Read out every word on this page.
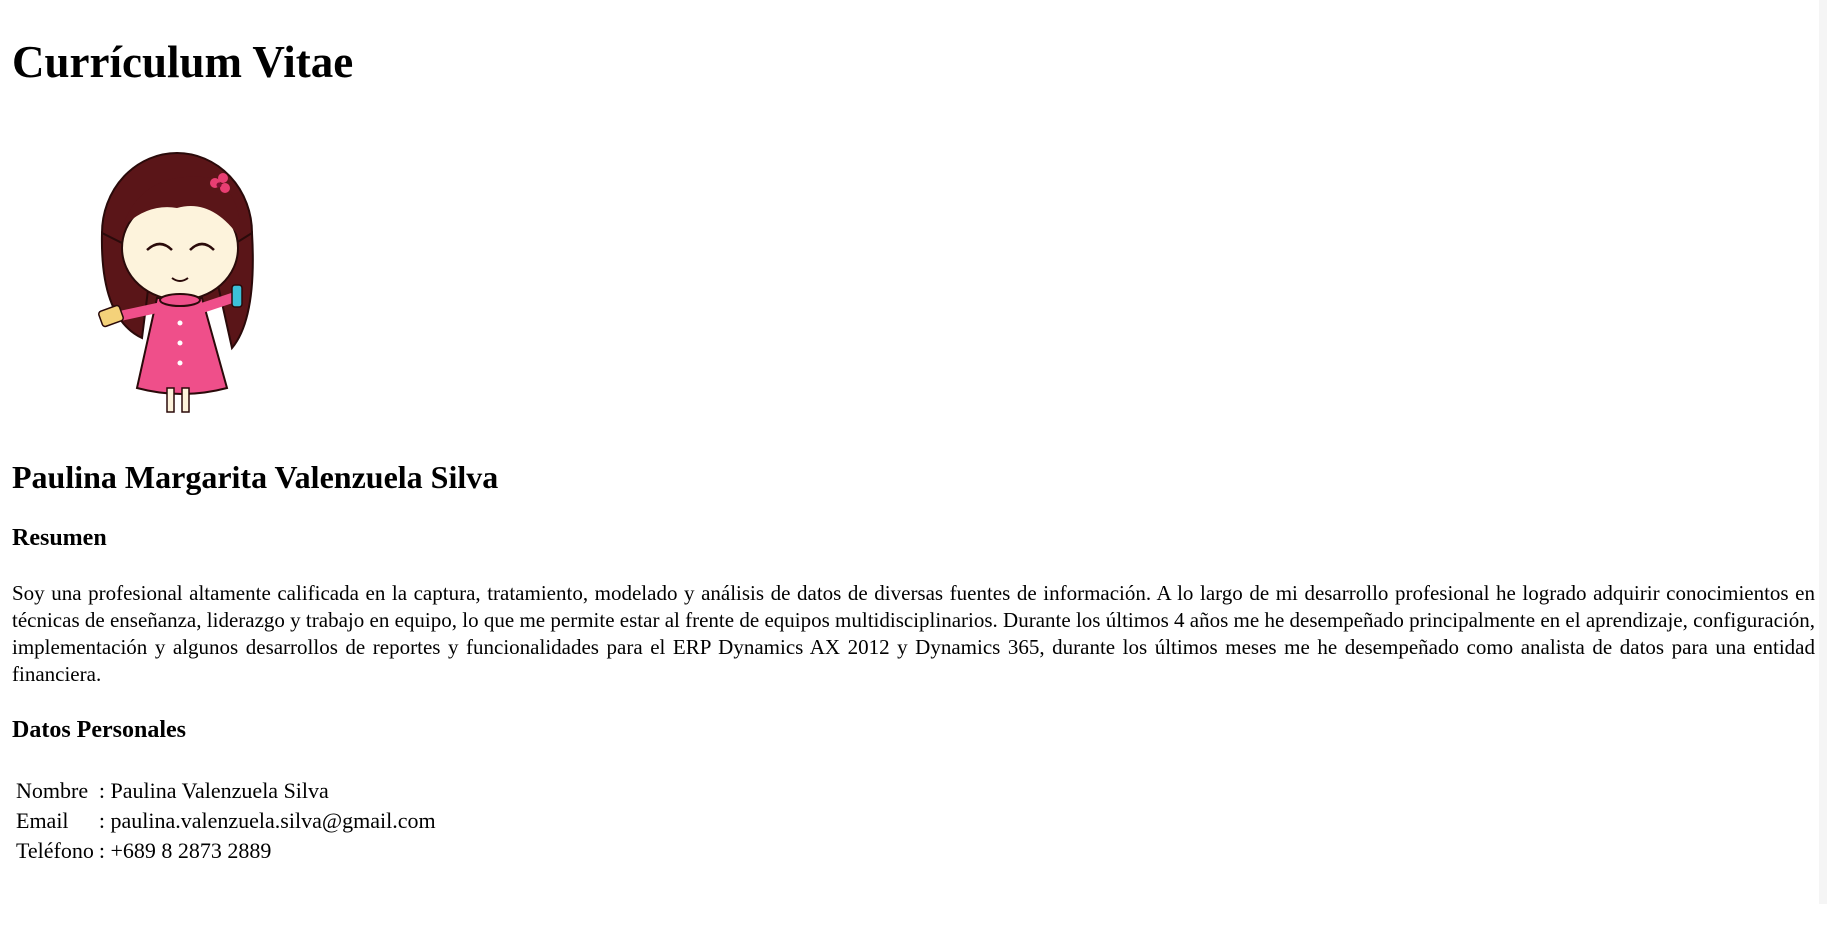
Currículum Vitae
Paulina Margarita Valenzuela Silva
Resumen

Soy una profesional altamente calificada en la captura, tratamiento, modelado y análisis de datos de diversas fuentes de información. A lo largo de mi desarrollo profesional he logrado adquirir conocimientos en técnicas de enseñanza, liderazgo y trabajo en equipo, lo que me permite estar al frente de equipos multidisciplinarios. Durante los últimos 4 años me he desempeñado principalmente en el aprendizaje, configuración, implementación y algunos desarrollos de reportes y funcionalidades para el ERP Dynamics AX 2012 y Dynamics 365, durante los últimos meses me he desempeñado como analista de datos para una entidad financiera.

Datos Personales
Nombre	: Paulina Valenzuela Silva
Email	: paulina.valenzuela.silva@gmail.com
Teléfono	: +689 8 2873 2889
